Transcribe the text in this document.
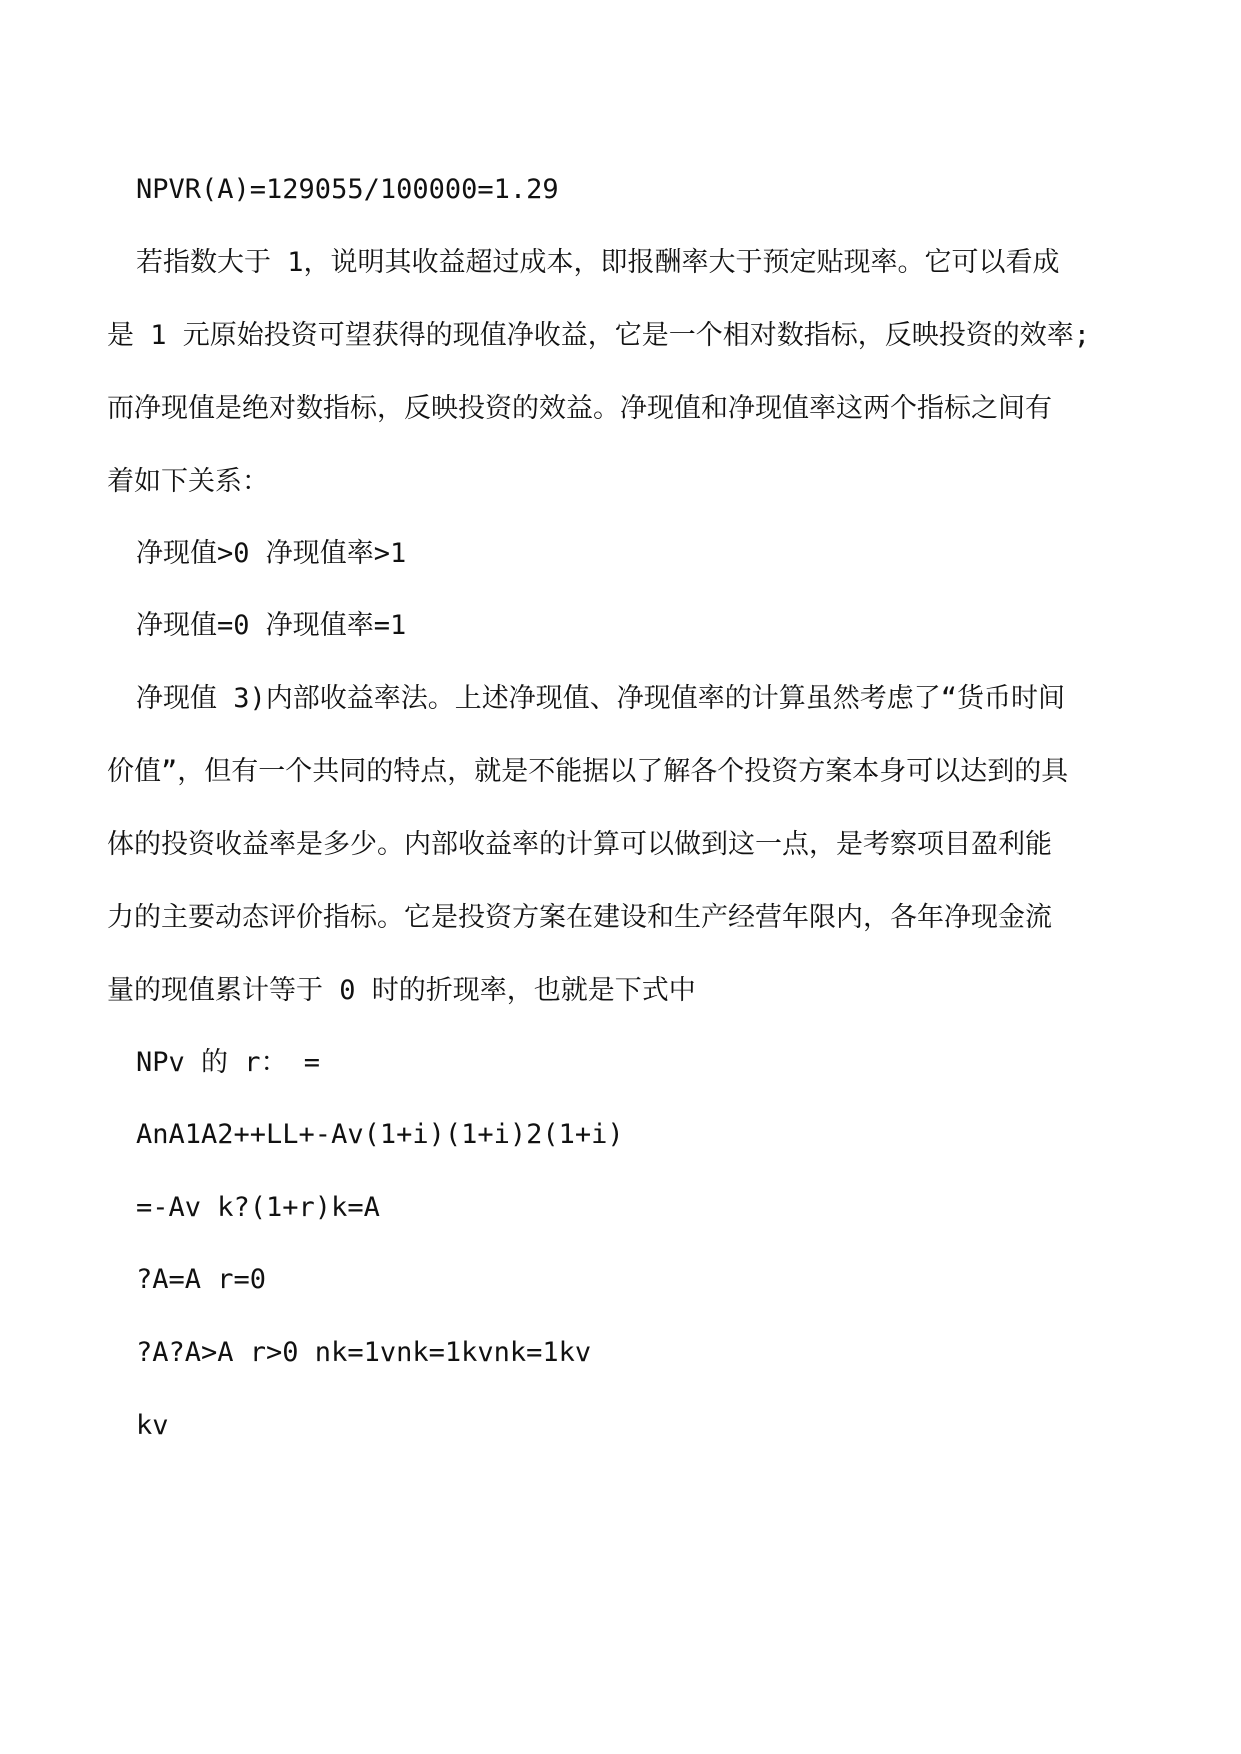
NPVR(A)=129055/100000=1.29
若指数大于 1，说明其收益超过成本，即报酬率大于预定贴现率。它可以看成
是 1 元原始投资可望获得的现值净收益，它是一个相对数指标，反映投资的效率;
而净现值是绝对数指标，反映投资的效益。净现值和净现值率这两个指标之间有
着如下关系：
净现值>0 净现值率>1
净现值=0 净现值率=1
净现值 3)内部收益率法。上述净现值、净现值率的计算虽然考虑了“货币时间
价值”，但有一个共同的特点，就是不能据以了解各个投资方案本身可以达到的具
体的投资收益率是多少。内部收益率的计算可以做到这一点，是考察项目盈利能
力的主要动态评价指标。它是投资方案在建设和生产经营年限内，各年净现金流
量的现值累计等于 0 时的折现率，也就是下式中
NPv 的 r： =
AnA1A2++LL+-Av(1+i)(1+i)2(1+i)
=-Av k?(1+r)k=A
?A=A r=0
?A?A>A r>0 nk=1vnk=1kvnk=1kv
kv
